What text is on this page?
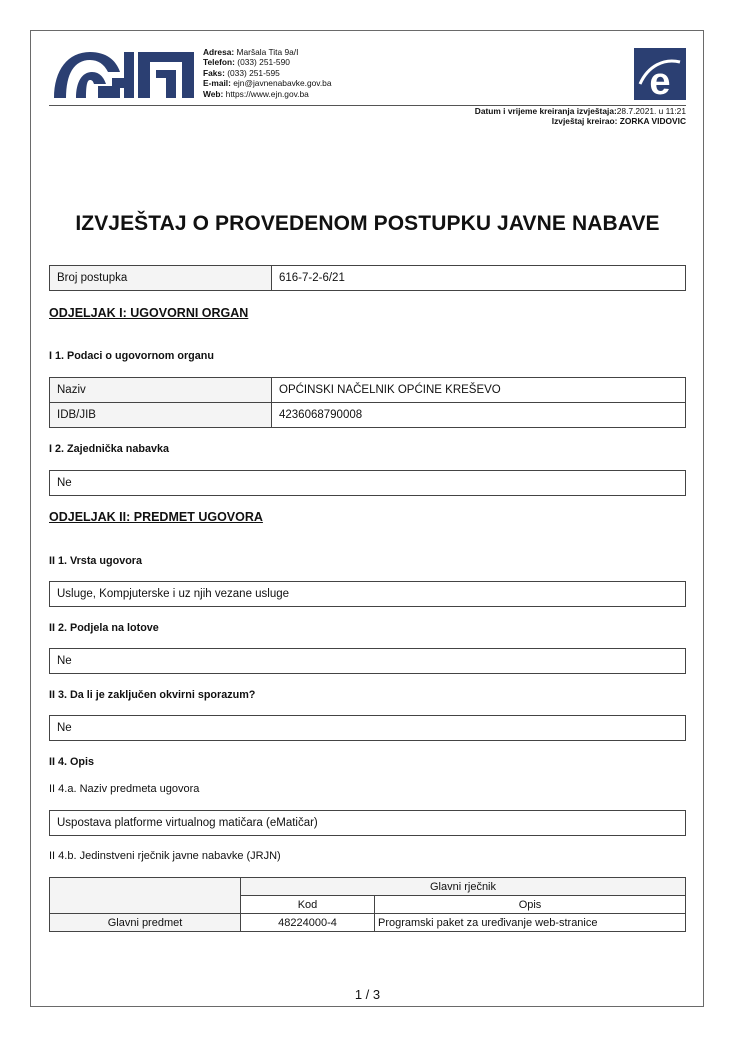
Adresa: Maršala Tita 9a/I
Telefon: (033) 251-590
Faks: (033) 251-595
E-mail: ejn@javnenabavke.gov.ba
Web: https://www.ejn.gov.ba	e
Datum i vrijeme kreiranja izvještaja:28.7.2021. u 11:21
Izvještaj kreirao: ZORKA VIDOVIC
IZVJEŠTAJ O PROVEDENOM POSTUPKU JAVNE NABAVE
Broj postupka	616-7-2-6/21
ODJELJAK I: UGOVORNI ORGAN
I 1. Podaci o ugovornom organu
Naziv	OPĆINSKI NAČELNIK OPĆINE KREŠEVO
IDB/JIB	4236068790008
I 2. Zajednička nabavka
Ne
ODJELJAK II: PREDMET UGOVORA
II 1. Vrsta ugovora
Usluge, Kompjuterske i uz njih vezane usluge
II 2. Podjela na lotove
Ne
II 3. Da li je zaključen okvirni sporazum?
Ne
II 4. Opis
II 4.a. Naziv predmeta ugovora
Uspostava platforme virtualnog matičara (eMatičar)
II 4.b. Jedinstveni rječnik javne nabavke (JRJN)
	Glavni rječnik	
	Kod	Opis
Glavni predmet	48224000-4	Programski paket za uređivanje web-stranice
1 / 3
